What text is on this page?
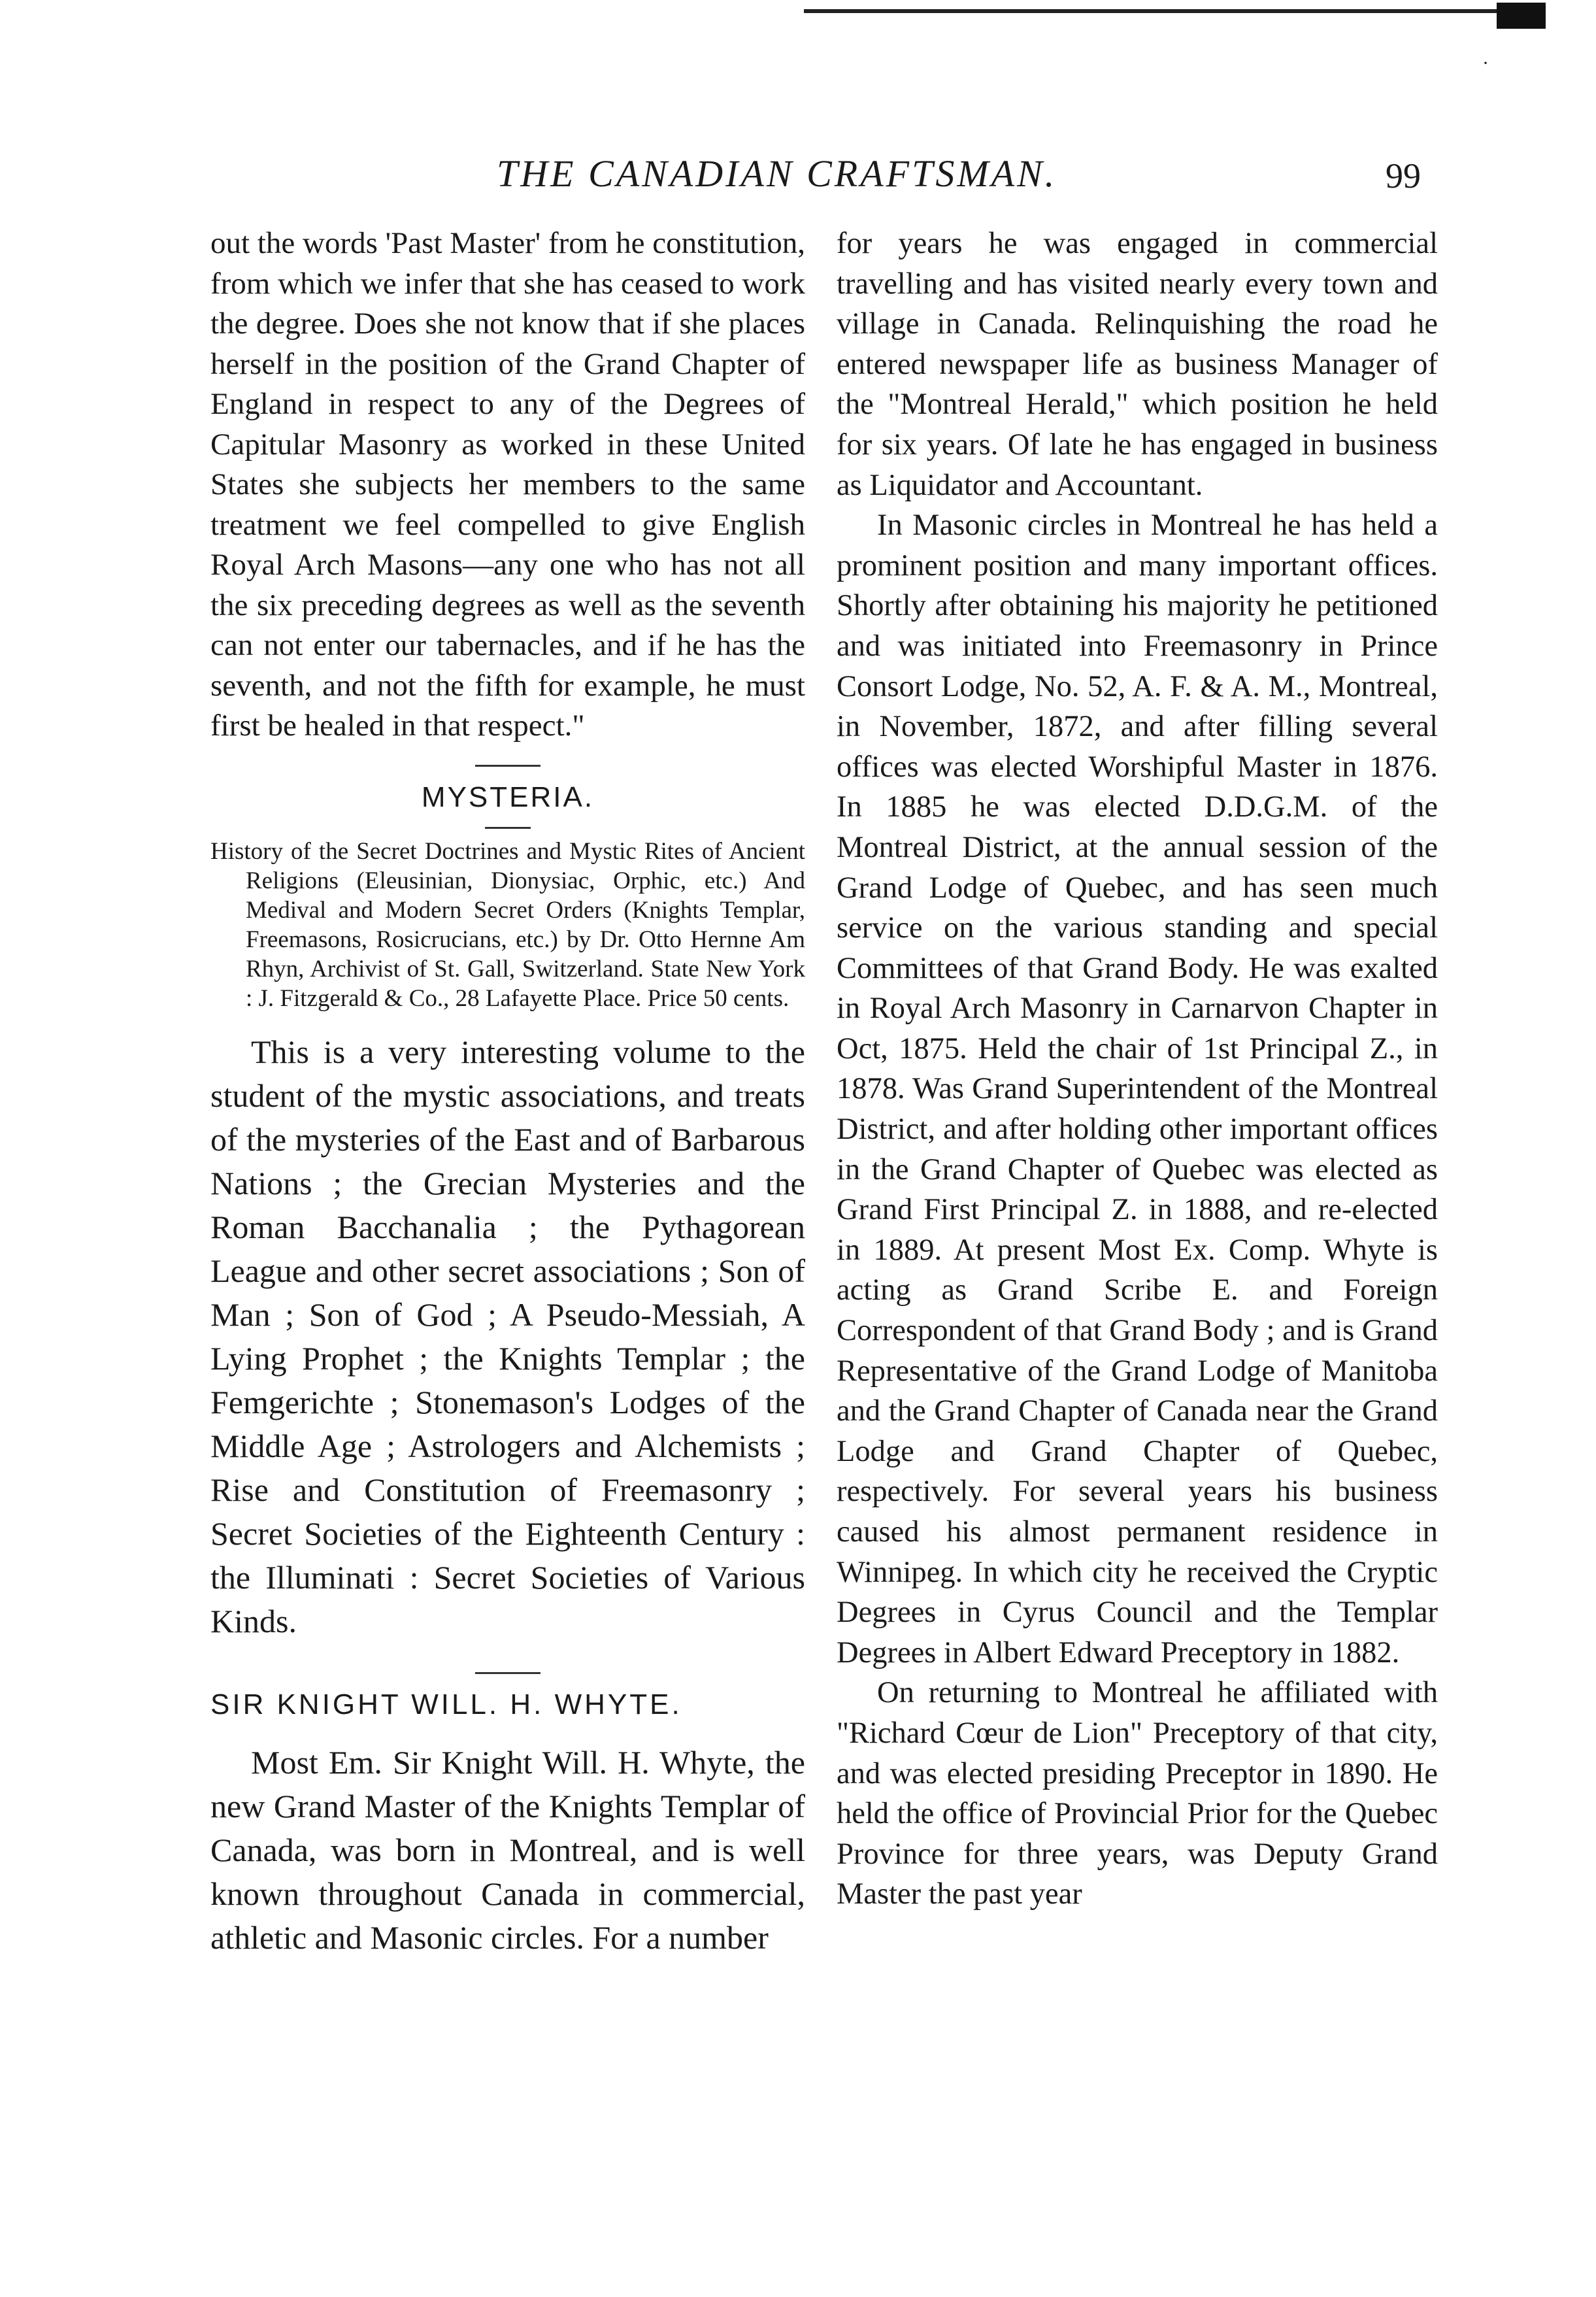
·
THE CANADIAN CRAFTSMAN.	99

out the words 'Past Master' from he constitution, from which we infer that she has ceased to work the degree. Does she not know that if she places herself in the position of the Grand Chapter of England in respect to any of the Degrees of Capitular Masonry as worked in these United States she subjects her members to the same treatment we feel compelled to give English Royal Arch Masons—any one who has not all the six preceding degrees as well as the seventh can not enter our tabernacles, and if he has the seventh, and not the fifth for example, he must first be healed in that respect."

MYSTERIA.
History of the Secret Doctrines and Mystic Rites of Ancient Religions (Eleusinian, Dionysiac, Orphic, etc.) And Medival and Modern Secret Orders (Knights Templar, Freemasons, Rosicrucians, etc.) by Dr. Otto Hernne Am Rhyn, Archivist of St. Gall, Switzerland. State New York : J. Fitzgerald & Co., 28 Lafayette Place. Price 50 cents.

This is a very interesting volume to the student of the mystic associations, and treats of the mysteries of the East and of Barbarous Nations ; the Grecian Mysteries and the Roman Bacchanalia ; the Pythagorean League and other secret associations ; Son of Man ; Son of God ; A Pseudo-Messiah, A Lying Prophet ; the Knights Templar ; the Femgerichte ; Stonemason's Lodges of the Middle Age ; Astrologers and Alchemists ; Rise and Constitution of Freemasonry ; Secret Societies of the Eighteenth Century : the Illuminati : Secret Societies of Various Kinds.

SIR KNIGHT WILL. H. WHYTE.

Most Em. Sir Knight Will. H. Whyte, the new Grand Master of the Knights Templar of Canada, was born in Montreal, and is well known throughout Canada in commercial, athletic and Masonic circles. For a number

for years he was engaged in commercial travelling and has visited nearly every town and village in Canada. Relinquishing the road he entered newspaper life as business Manager of the "Montreal Herald," which position he held for six years. Of late he has engaged in business as Liquidator and Accountant.

In Masonic circles in Montreal he has held a prominent position and many important offices. Shortly after obtaining his majority he petitioned and was initiated into Freemasonry in Prince Consort Lodge, No. 52, A. F. & A. M., Montreal, in November, 1872, and after filling several offices was elected Worshipful Master in 1876. In 1885 he was elected D.D.G.M. of the Montreal District, at the annual session of the Grand Lodge of Quebec, and has seen much service on the various standing and special Committees of that Grand Body. He was exalted in Royal Arch Masonry in Carnarvon Chapter in Oct, 1875. Held the chair of 1st Principal Z., in 1878. Was Grand Superintendent of the Montreal District, and after holding other important offices in the Grand Chapter of Quebec was elected as Grand First Principal Z. in 1888, and re-elected in 1889. At present Most Ex. Comp. Whyte is acting as Grand Scribe E. and Foreign Correspondent of that Grand Body ; and is Grand Representative of the Grand Lodge of Manitoba and the Grand Chapter of Canada near the Grand Lodge and Grand Chapter of Quebec, respectively. For several years his business caused his almost permanent residence in Winnipeg. In which city he received the Cryptic Degrees in Cyrus Council and the Templar Degrees in Albert Edward Preceptory in 1882.

On returning to Montreal he affiliated with "Richard Cœur de Lion" Preceptory of that city, and was elected presiding Preceptor in 1890. He held the office of Provincial Prior for the Quebec Province for three years, was Deputy Grand Master the past year
